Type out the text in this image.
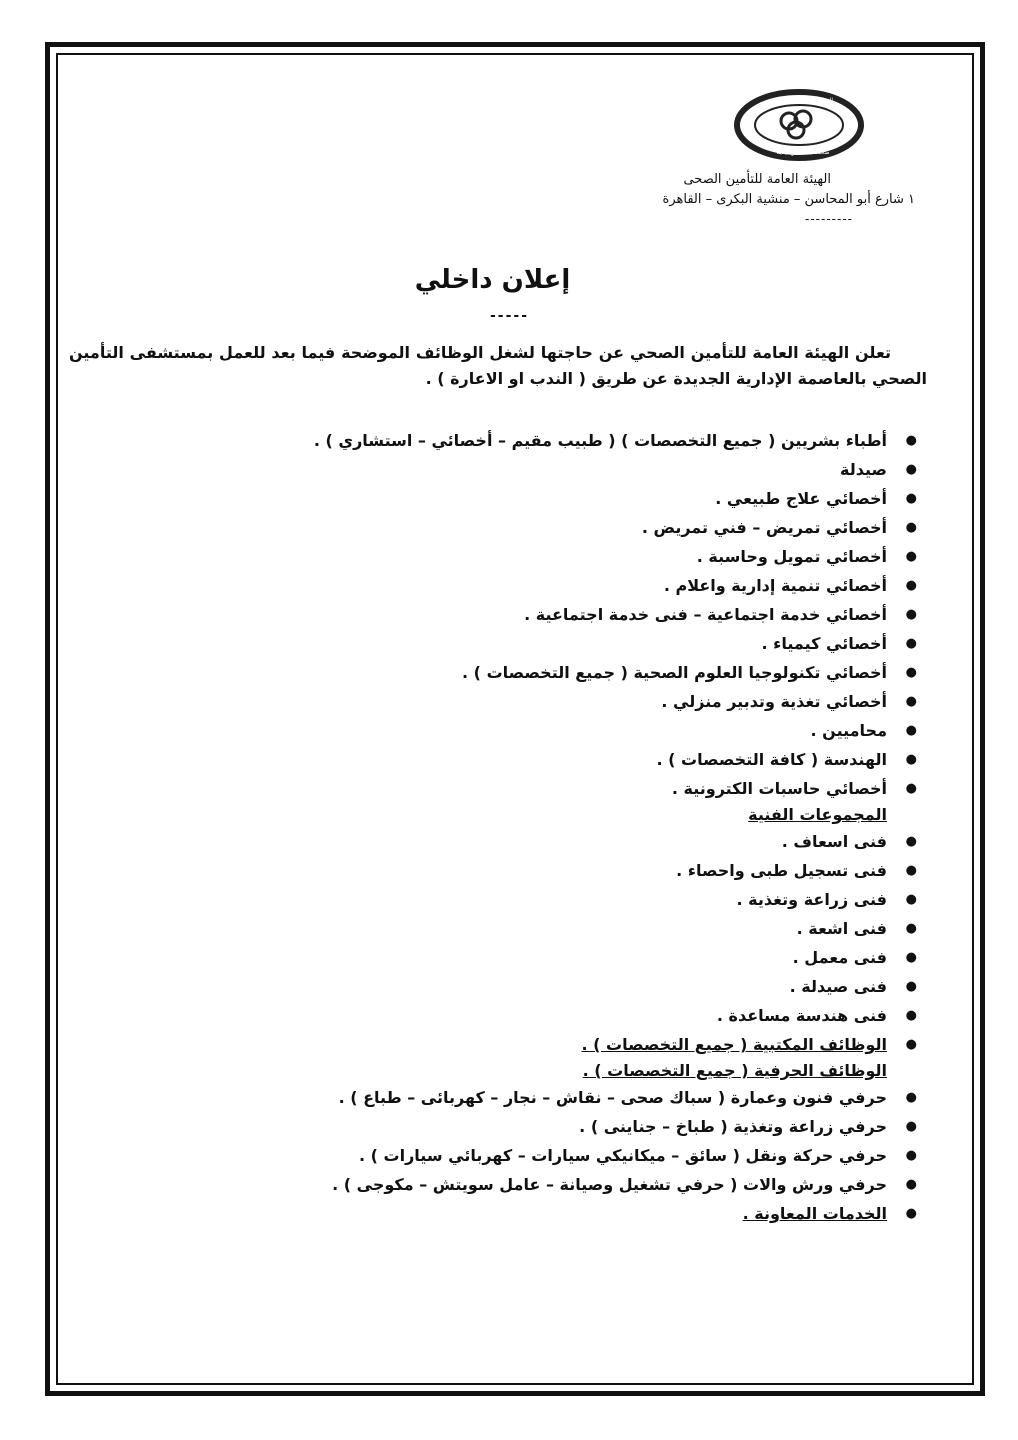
الهيئة العامة للتأمين الصحى
صحتك أمانه بين أيدينا
الهيئة العامة للتأمين الصحى
١ شارع أبو المحاسن – منشية البكرى – القاهرة
---------
إعلان داخلي
-----
تعلن الهيئة العامة للتأمين الصحي عن حاجتها لشغل الوظائف الموضحة فيما بعد للعمل بمستشفى التأمين الصحي بالعاصمة الإدارية الجديدة عن طريق ( الندب او الاعارة ) .
●
أطباء بشريين ( جميع التخصصات ) ( طبيب مقيم – أخصائي – استشاري ) .
●
صيدلة
●
أخصائي علاج طبيعي .
●
أخصائي تمريض – فني تمريض .
●
أخصائي تمويل وحاسبة .
●
أخصائي تنمية إدارية واعلام .
●
أخصائي خدمة اجتماعية – فنى خدمة اجتماعية .
●
أخصائي كيمياء .
●
أخصائي تكنولوجيا العلوم الصحية ( جميع التخصصات ) .
●
أخصائي تغذية وتدبير منزلي .
●
محاميين .
●
الهندسة ( كافة التخصصات ) .
●
أخصائي حاسبات الكترونية .
المجموعات الفنية
●
فنى اسعاف .
●
فنى تسجيل طبى واحصاء .
●
فنى زراعة وتغذية .
●
فنى اشعة .
●
فنى معمل .
●
فنى صيدلة .
●
فنى هندسة مساعدة .
●
الوظائف المكتبية ( جميع التخصصات ) .
الوظائف الحرفية ( جميع التخصصات ) .
●
حرفي فنون وعمارة ( سباك صحى – نقاش – نجار – كهربائى – طباع ) .
●
حرفي زراعة وتغذية ( طباخ – جناينى ) .
●
حرفي حركة ونقل ( سائق – ميكانيكي سيارات – كهربائي سيارات ) .
●
حرفي ورش والات ( حرفي تشغيل وصيانة – عامل سويتش – مكوجى ) .
●
الخدمات المعاونة .
